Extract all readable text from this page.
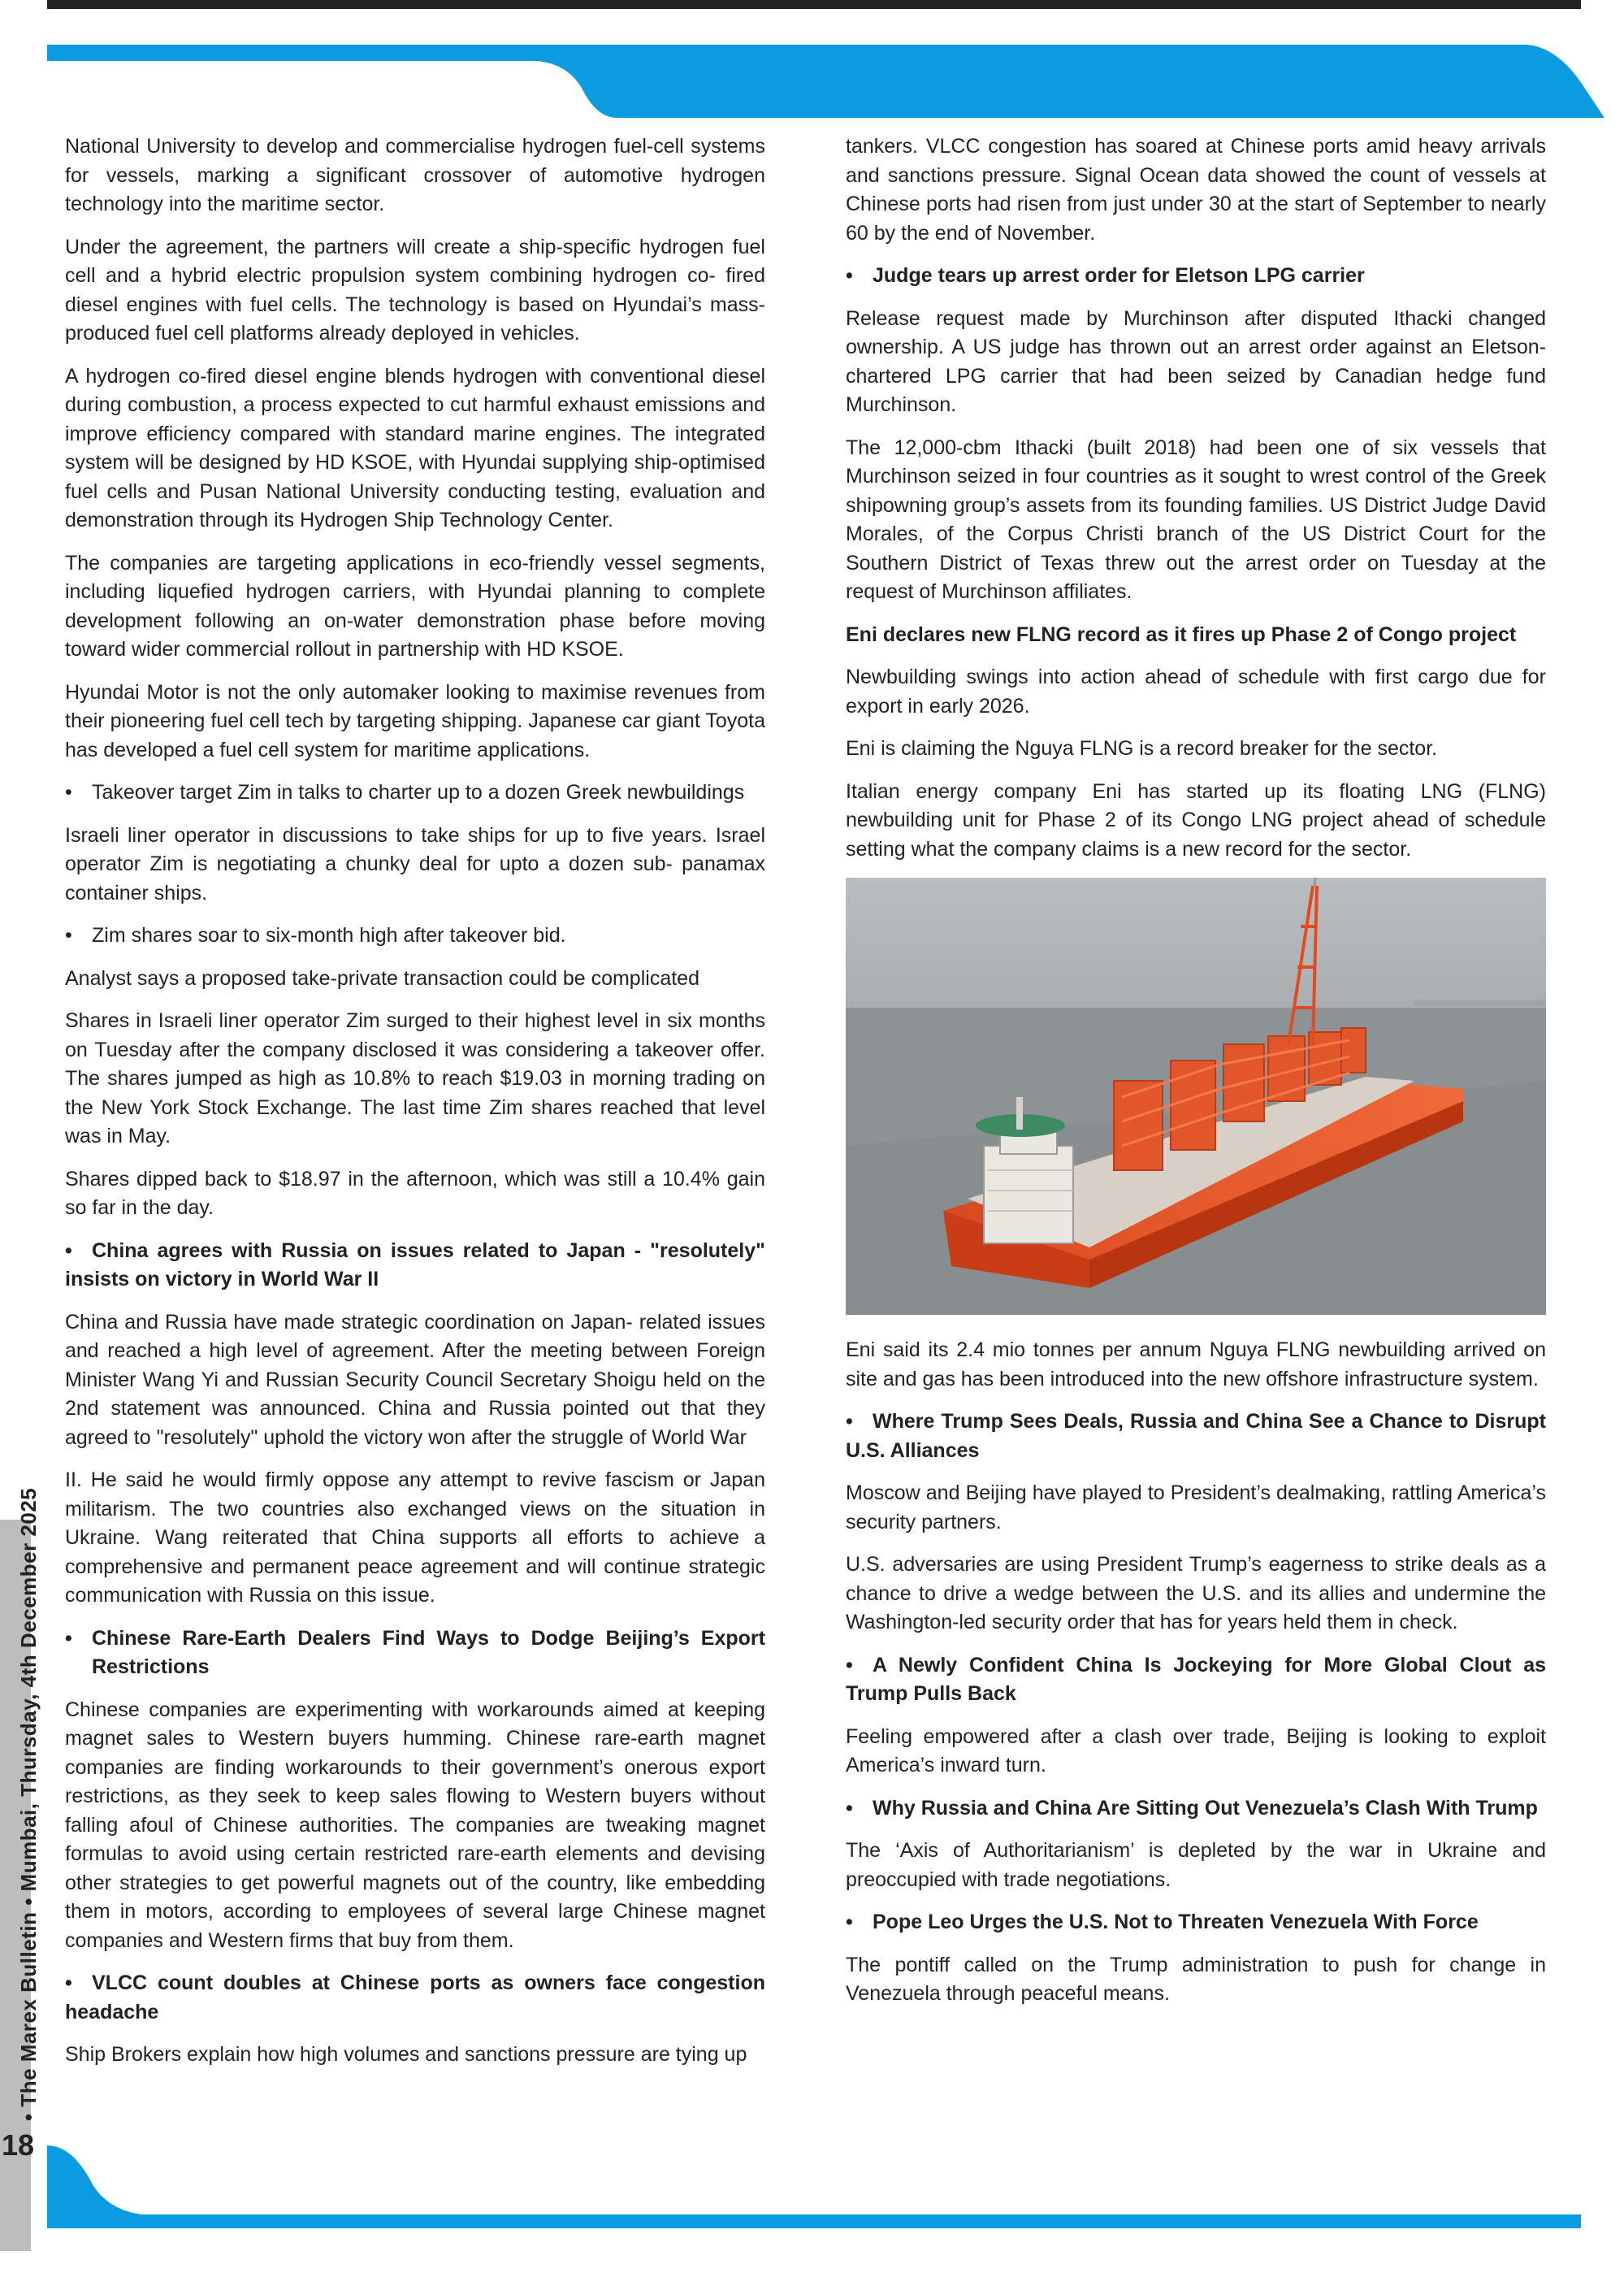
• The Marex Bulletin • Mumbai, Thursday, 4th December 2025
18

National University to develop and commercialise hydrogen fuel-cell systems for vessels, marking a significant crossover of automotive hydrogen technology into the maritime sector.

Under the agreement, the partners will create a ship-specific hydrogen fuel cell and a hybrid electric propulsion system combining hydrogen co- fired diesel engines with fuel cells. The technology is based on Hyundai’s mass-produced fuel cell platforms already deployed in vehicles.

A hydrogen co-fired diesel engine blends hydrogen with conventional diesel during combustion, a process expected to cut harmful exhaust emissions and improve efficiency compared with standard marine engines. The integrated system will be designed by HD KSOE, with Hyundai supplying ship-optimised fuel cells and Pusan National University conducting testing, evaluation and demonstration through its Hydrogen Ship Technology Center.

The companies are targeting applications in eco-friendly vessel segments, including liquefied hydrogen carriers, with Hyundai planning to complete development following an on-water demonstration phase before moving toward wider commercial rollout in partnership with HD KSOE.

Hyundai Motor is not the only automaker looking to maximise revenues from their pioneering fuel cell tech by targeting shipping. Japanese car giant Toyota has developed a fuel cell system for maritime applications.

• Takeover target Zim in talks to charter up to a dozen Greek newbuildings

Israeli liner operator in discussions to take ships for up to five years. Israel operator Zim is negotiating a chunky deal for upto a dozen sub- panamax container ships.

• Zim shares soar to six-month high after takeover bid.

Analyst says a proposed take-private transaction could be complicated

Shares in Israeli liner operator Zim surged to their highest level in six months on Tuesday after the company disclosed it was considering a takeover offer. The shares jumped as high as 10.8% to reach $19.03 in morning trading on the New York Stock Exchange. The last time Zim shares reached that level was in May.

Shares dipped back to $18.97 in the afternoon, which was still a 10.4% gain so far in the day.

• China agrees with Russia on issues related to Japan - "resolutely" insists on victory in World War II

China and Russia have made strategic coordination on Japan- related issues and reached a high level of agreement. After the meeting between Foreign Minister Wang Yi and Russian Security Council Secretary Shoigu held on the 2nd statement was announced. China and Russia pointed out that they agreed to "resolutely" uphold the victory won after the struggle of World War

II. He said he would firmly oppose any attempt to revive fascism or Japan militarism. The two countries also exchanged views on the situation in Ukraine. Wang reiterated that China supports all efforts to achieve a comprehensive and permanent peace agreement and will continue strategic communication with Russia on this issue.

• Chinese Rare-Earth Dealers Find Ways to Dodge Beijing’s Export Restrictions

Chinese companies are experimenting with workarounds aimed at keeping magnet sales to Western buyers humming. Chinese rare-earth magnet companies are finding workarounds to their government’s onerous export restrictions, as they seek to keep sales flowing to Western buyers without falling afoul of Chinese authorities. The companies are tweaking magnet formulas to avoid using certain restricted rare-earth elements and devising other strategies to get powerful magnets out of the country, like embedding them in motors, according to employees of several large Chinese magnet companies and Western firms that buy from them.

• VLCC count doubles at Chinese ports as owners face congestion headache

Ship Brokers explain how high volumes and sanctions pressure are tying up

tankers. VLCC congestion has soared at Chinese ports amid heavy arrivals and sanctions pressure. Signal Ocean data showed the count of vessels at Chinese ports had risen from just under 30 at the start of September to nearly 60 by the end of November.

• Judge tears up arrest order for Eletson LPG carrier

Release request made by Murchinson after disputed Ithacki changed ownership. A US judge has thrown out an arrest order against an Eletson-chartered LPG carrier that had been seized by Canadian hedge fund Murchinson.

The 12,000-cbm Ithacki (built 2018) had been one of six vessels that Murchinson seized in four countries as it sought to wrest control of the Greek shipowning group’s assets from its founding families. US District Judge David Morales, of the Corpus Christi branch of the US District Court for the Southern District of Texas threw out the arrest order on Tuesday at the request of Murchinson affiliates.

Eni declares new FLNG record as it fires up Phase 2 of Congo project

Newbuilding swings into action ahead of schedule with first cargo due for export in early 2026.

Eni is claiming the Nguya FLNG is a record breaker for the sector.

Italian energy company Eni has started up its floating LNG (FLNG) newbuilding unit for Phase 2 of its Congo LNG project ahead of schedule setting what the company claims is a new record for the sector.

Eni said its 2.4 mio tonnes per annum Nguya FLNG newbuilding arrived on site and gas has been introduced into the new offshore infrastructure system.

• Where Trump Sees Deals, Russia and China See a Chance to Disrupt U.S. Alliances

Moscow and Beijing have played to President’s dealmaking, rattling America’s security partners.

U.S. adversaries are using President Trump’s eagerness to strike deals as a chance to drive a wedge between the U.S. and its allies and undermine the Washington-led security order that has for years held them in check.

• A Newly Confident China Is Jockeying for More Global Clout as Trump Pulls Back

Feeling empowered after a clash over trade, Beijing is looking to exploit America’s inward turn.

• Why Russia and China Are Sitting Out Venezuela’s Clash With Trump

The ‘Axis of Authoritarianism’ is depleted by the war in Ukraine and preoccupied with trade negotiations.

• Pope Leo Urges the U.S. Not to Threaten Venezuela With Force

The pontiff called on the Trump administration to push for change in Venezuela through peaceful means.
